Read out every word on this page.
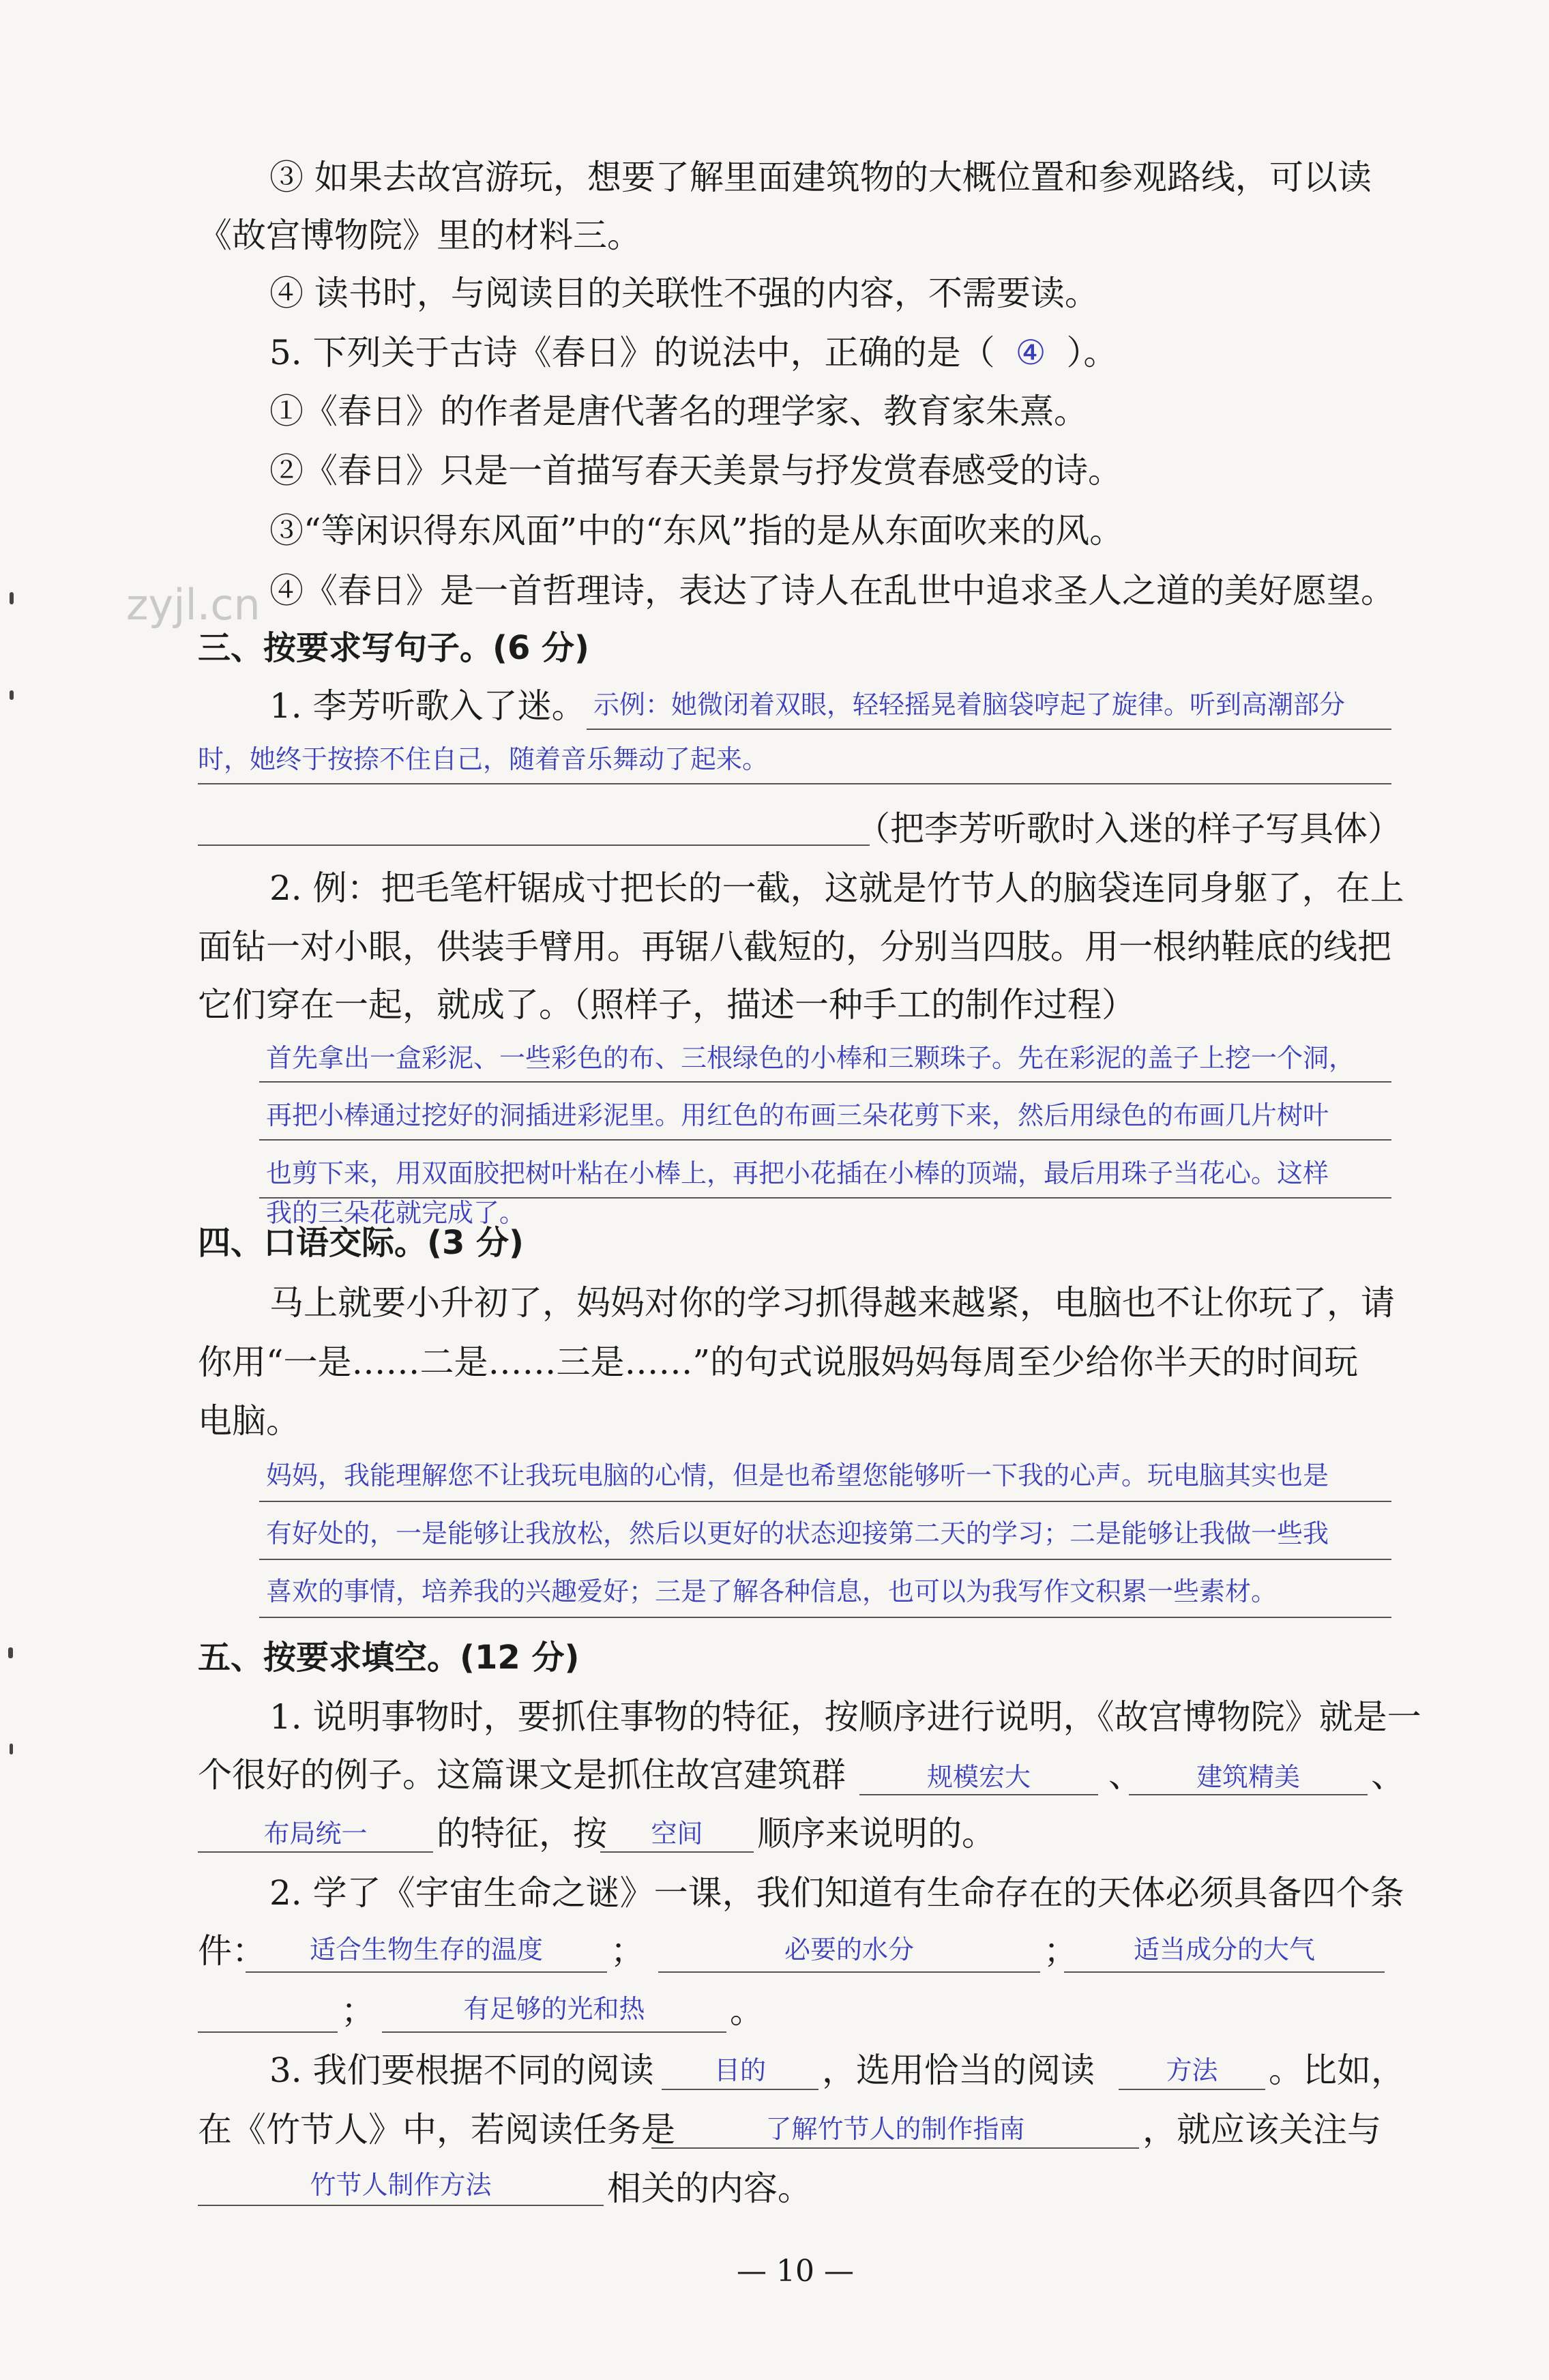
zyjl.cn
③ 如果去故宫游玩，想要了解里面建筑物的大概位置和参观路线，可以读
《故宫博物院》里的材料三。
④ 读书时，与阅读目的关联性不强的内容，不需要读。
5. 下列关于古诗《春日》的说法中，正确的是（ ④ ）。
①《春日》的作者是唐代著名的理学家、教育家朱熹。
②《春日》只是一首描写春天美景与抒发赏春感受的诗。
③“等闲识得东风面”中的“东风”指的是从东面吹来的风。
④《春日》是一首哲理诗，表达了诗人在乱世中追求圣人之道的美好愿望。
三、按要求写句子。(6 分)
1. 李芳听歌入了迷。 示例：她微闭着双眼，轻轻摇晃着脑袋哼起了旋律。听到高潮部分
时，她终于按捺不住自己，随着音乐舞动了起来。
（把李芳听歌时入迷的样子写具体）
2. 例：把毛笔杆锯成寸把长的一截，这就是竹节人的脑袋连同身躯了，在上
面钻一对小眼，供装手臂用。再锯八截短的，分别当四肢。用一根纳鞋底的线把
它们穿在一起，就成了。（照样子，描述一种手工的制作过程）
首先拿出一盒彩泥、一些彩色的布、三根绿色的小棒和三颗珠子。先在彩泥的盖子上挖一个洞，
再把小棒通过挖好的洞插进彩泥里。用红色的布画三朵花剪下来，然后用绿色的布画几片树叶
也剪下来，用双面胶把树叶粘在小棒上，再把小花插在小棒的顶端，最后用珠子当花心。这样
我的三朵花就完成了。
四、口语交际。(3 分)
马上就要小升初了，妈妈对你的学习抓得越来越紧，电脑也不让你玩了，请
你用“一是……二是……三是……”的句式说服妈妈每周至少给你半天的时间玩
电脑。
妈妈，我能理解您不让我玩电脑的心情，但是也希望您能够听一下我的心声。玩电脑其实也是
有好处的，一是能够让我放松，然后以更好的状态迎接第二天的学习；二是能够让我做一些我
喜欢的事情，培养我的兴趣爱好；三是了解各种信息，也可以为我写作文积累一些素材。
五、按要求填空。(12 分)
1. 说明事物时，要抓住事物的特征，按顺序进行说明，《故宫博物院》就是一
个很好的例子。这篇课文是抓住故宫建筑群	规模宏大	、	建筑精美	、
布局统一	的特征，按	空间	顺序来说明的。
2. 学了《宇宙生命之谜》一课，我们知道有生命存在的天体必须具备四个条
件：	适合生物生存的温度	；	必要的水分	；	适当成分的大气
；	有足够的光和热	。
3. 我们要根据不同的阅读	目的	，选用恰当的阅读	方法	。比如，
在《竹节人》中，若阅读任务是	了解竹节人的制作指南	，就应该关注与
竹节人制作方法	相关的内容。
— 10 —
